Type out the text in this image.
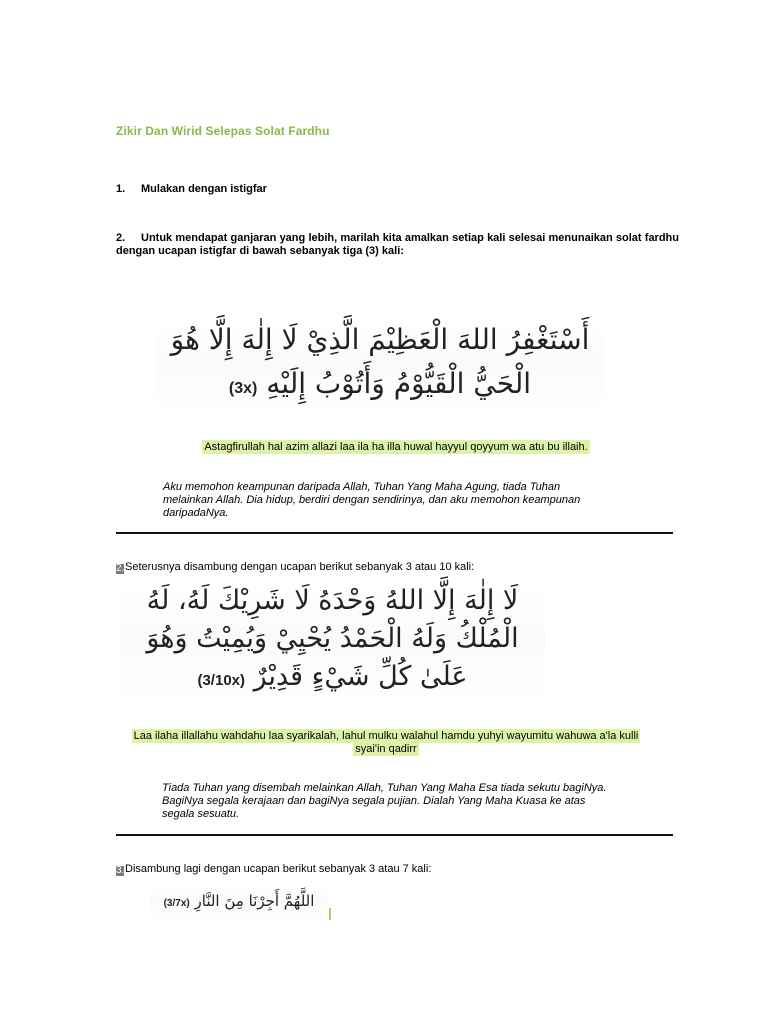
Zikir Dan Wirid Selepas Solat Fardhu
1. Mulakan dengan istigfar
2. Untuk mendapat ganjaran yang lebih, marilah kita amalkan setiap kali selesai menunaikan solat fardhu dengan ucapan istigfar di bawah sebanyak tiga (3) kali:
أَسْتَغْفِرُ اللهَ الْعَظِيْمَ الَّذِيْ لَا إِلٰهَ إِلَّا هُوَ
الْحَيُّ الْقَيُّوْمُ وَأَتُوْبُ إِلَيْهِ (3x)
Astagfirullah hal azim allazi laa ila ha illa huwal hayyul qoyyum wa atu bu illaih.
Aku memohon keampunan daripada Allah, Tuhan Yang Maha Agung, tiada Tuhan melainkan Allah. Dia hidup, berdiri dengan sendirinya, dan aku memohon keampunan daripadaNya.
2.Seterusnya disambung dengan ucapan berikut sebanyak 3 atau 10 kali:
لَا إِلٰهَ إِلَّا اللهُ وَحْدَهُ لَا شَرِيْكَ لَهُ، لَهُ
الْمُلْكُ وَلَهُ الْحَمْدُ يُحْيِيْ وَيُمِيْتُ وَهُوَ
عَلَىٰ كُلِّ شَيْءٍ قَدِيْرٌ (3/10x)
Laa ilaha illallahu wahdahu laa syarikalah, lahul mulku walahul hamdu yuhyi wayumitu wahuwa a'la kulli syai'in qadirr
Tiada Tuhan yang disembah melainkan Allah, Tuhan Yang Maha Esa tiada sekutu bagiNya. BagiNya segala kerajaan dan bagiNya segala pujian. Dialah Yang Maha Kuasa ke atas segala sesuatu.
3.Disambung lagi dengan ucapan berikut sebanyak 3 atau 7 kali:
اللَّهُمَّ أَجِرْنَا مِنَ النَّارِ (3/7x)
